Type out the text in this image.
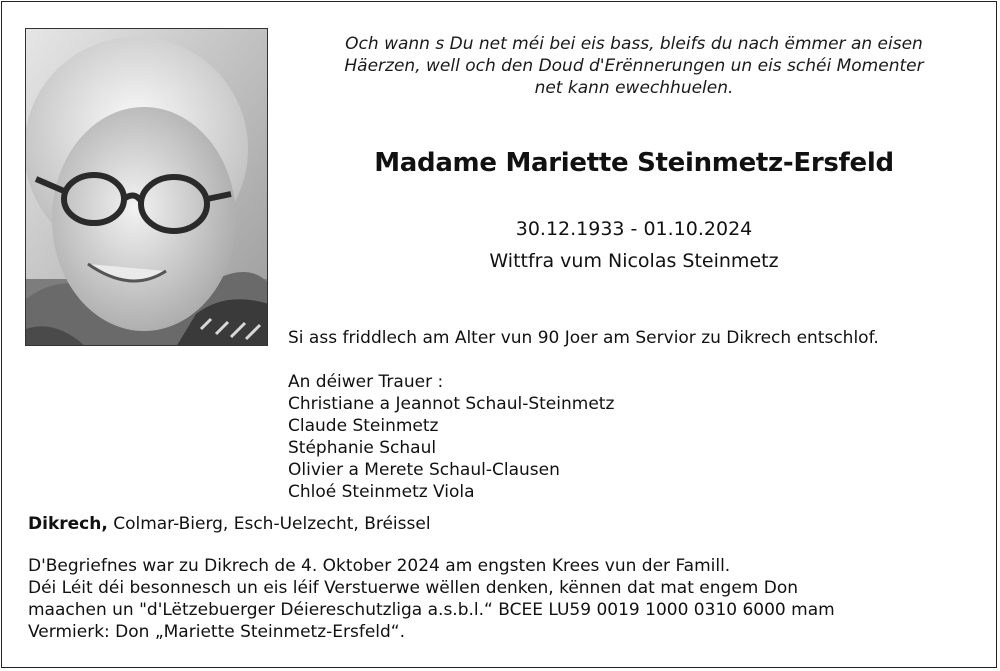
Och wann s Du net méi bei eis bass, bleifs du nach ëmmer an eisen
Häerzen, well och den Doud d'Erënnerungen un eis schéi Momenter
net kann ewechhuelen.
Madame Mariette Steinmetz-Ersfeld
30.12.1933 - 01.10.2024
Wittfra vum Nicolas Steinmetz
Si ass friddlech am Alter vun 90 Joer am Servior zu Dikrech entschlof.
An déiwer Trauer :
Christiane a Jeannot Schaul-Steinmetz
Claude Steinmetz
Stéphanie Schaul
Olivier a Merete Schaul-Clausen
Chloé Steinmetz Viola
Dikrech, Colmar-Bierg, Esch-Uelzecht, Bréissel
D'Begriefnes war zu Dikrech de 4. Oktober 2024 am engsten Krees vun der Famill.
Déi Léit déi besonnesch un eis léif Verstuerwe wëllen denken, kënnen dat mat engem Don
maachen un "d'Lëtzebuerger Déiereschutzliga a.s.b.l.“ BCEE LU59 0019 1000 0310 6000 mam
Vermierk: Don „Mariette Steinmetz-Ersfeld“.
